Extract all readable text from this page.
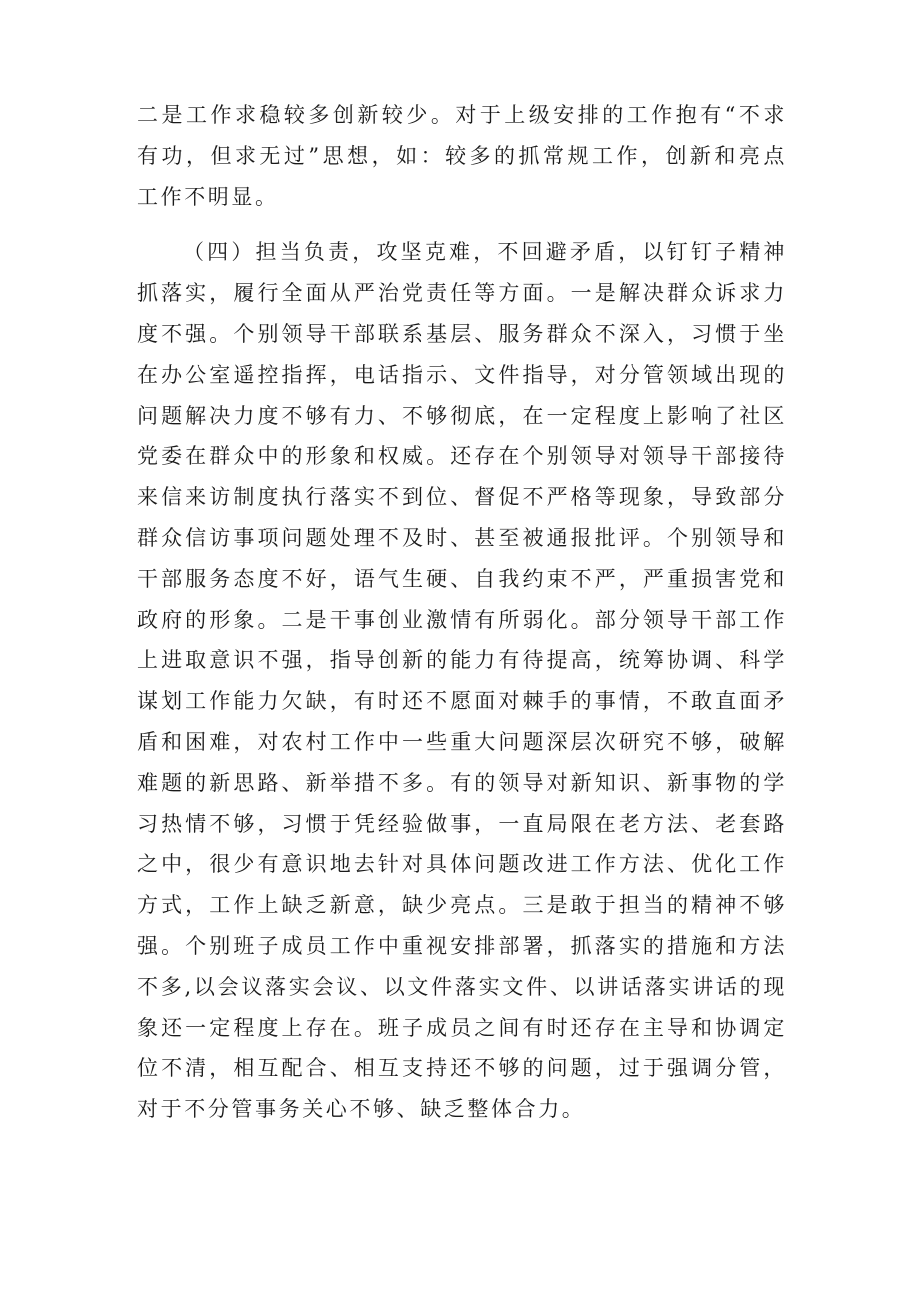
二是工作求稳较多创新较少。对于上级安排的工作抱有“不求有功，但求无过”思想，如：较多的抓常规工作，创新和亮点工作不明显。

（四）担当负责，攻坚克难，不回避矛盾，以钉钉子精神抓落实，履行全面从严治党责任等方面。一是解决群众诉求力度不强。个别领导干部联系基层、服务群众不深入，习惯于坐在办公室遥控指挥，电话指示、文件指导，对分管领域出现的问题解决力度不够有力、不够彻底，在一定程度上影响了社区党委在群众中的形象和权威。还存在个别领导对领导干部接待来信来访制度执行落实不到位、督促不严格等现象，导致部分群众信访事项问题处理不及时、甚至被通报批评。个别领导和干部服务态度不好，语气生硬、自我约束不严，严重损害党和政府的形象。二是干事创业激情有所弱化。部分领导干部工作上进取意识不强，指导创新的能力有待提高，统筹协调、科学谋划工作能力欠缺，有时还不愿面对棘手的事情，不敢直面矛盾和困难，对农村工作中一些重大问题深层次研究不够，破解难题的新思路、新举措不多。有的领导对新知识、新事物的学习热情不够，习惯于凭经验做事，一直局限在老方法、老套路之中，很少有意识地去针对具体问题改进工作方法、优化工作方式，工作上缺乏新意，缺少亮点。三是敢于担当的精神不够强。个别班子成员工作中重视安排部署，抓落实的措施和方法不多,以会议落实会议、以文件落实文件、以讲话落实讲话的现象还一定程度上存在。班子成员之间有时还存在主导和协调定位不清，相互配合、相互支持还不够的问题，过于强调分管，对于不分管事务关心不够、缺乏整体合力。
